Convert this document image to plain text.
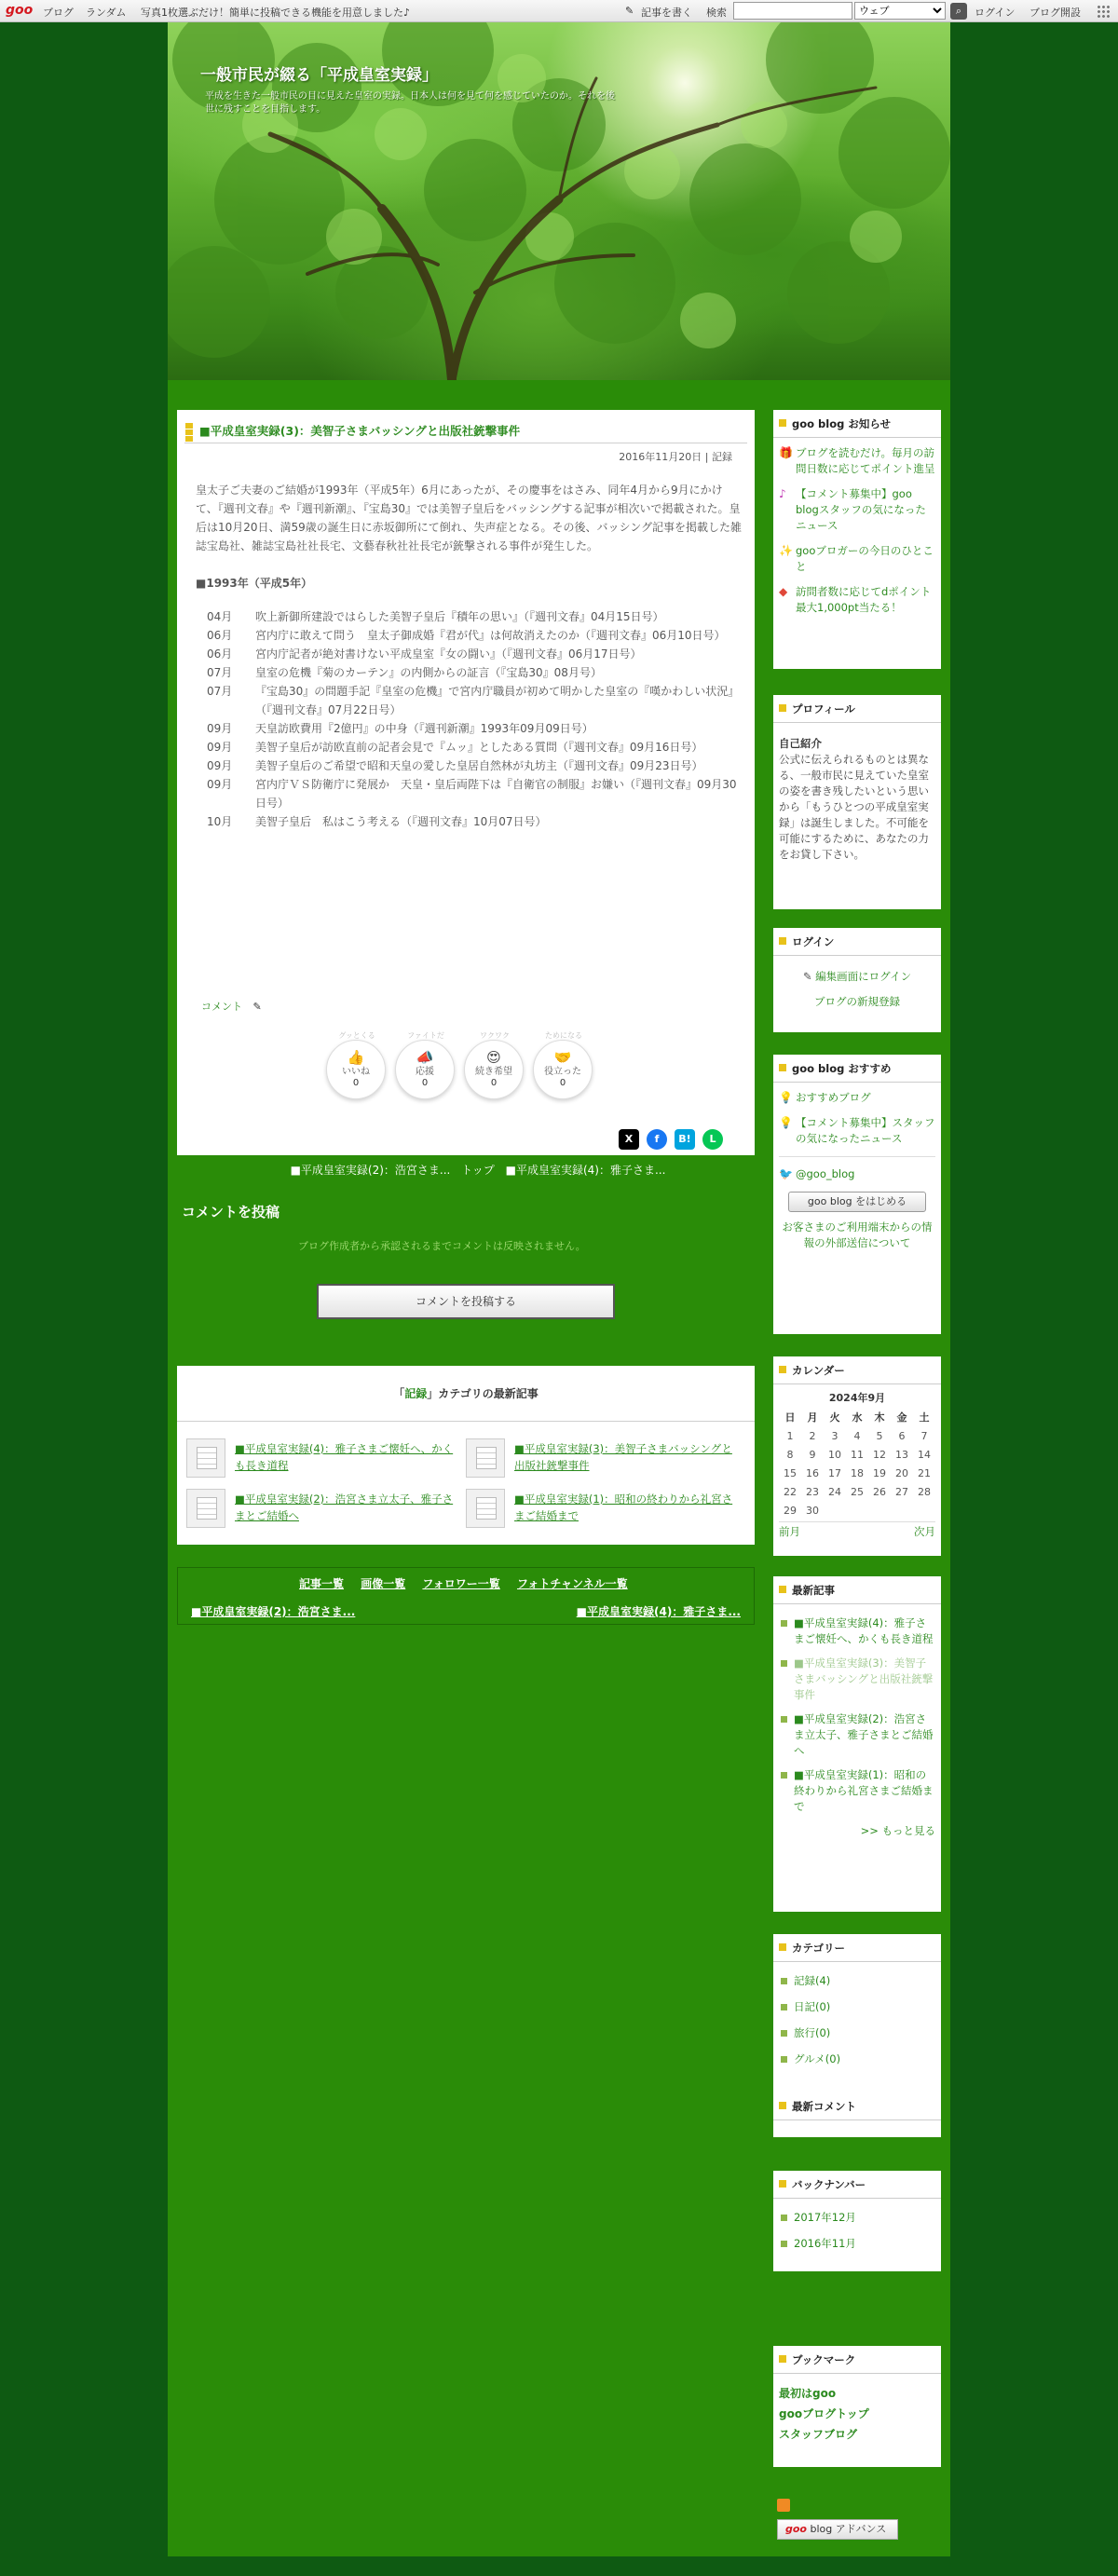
goo ブログ ランダム 写真1枚選ぶだけ！簡単に投稿できる機能を用意しました♪	✎ 記事を書く 検索
ウェブ	⌕	ログイン ブログ開設
一般市民が綴る「平成皇室実録」
平成を生きた一般市民の目に見えた皇室の実録。日本人は何を見て何を感じていたのか。それを後世に残すことを目指します。
■平成皇室実録(3)：美智子さまバッシングと出版社銃撃事件
2016年11月20日 | 記録

皇太子ご夫妻のご結婚が1993年（平成5年）6月にあったが、その慶事をはさみ、同年4月から9月にかけて、『週刊文春』や『週刊新潮』、『宝島30』では美智子皇后をバッシングする記事が相次いで掲載された。皇后は10月20日、満59歳の誕生日に赤坂御所にて倒れ、失声症となる。その後、バッシング記事を掲載した雑誌宝島社、雑誌宝島社社長宅、文藝春秋社社長宅が銃撃される事件が発生した。

■1993年（平成5年）
04月	吹上新御所建設ではらした美智子皇后『積年の思い』（『週刊文春』04月15日号）
06月	宮内庁に敢えて問う　皇太子御成婚『君が代』は何故消えたのか（『週刊文春』06月10日号）
06月	宮内庁記者が絶対書けない平成皇室『女の闘い』（『週刊文春』06月17日号）
07月	皇室の危機『菊のカーテン』の内側からの証言（『宝島30』08月号）
07月	『宝島30』の問題手記『皇室の危機』で宮内庁職員が初めて明かした皇室の『嘆かわしい状況』（『週刊文春』07月22日号）
09月	天皇訪欧費用『2億円』の中身（『週刊新潮』1993年09月09日号）
09月	美智子皇后が訪欧直前の記者会見で『ムッ』としたある質問（『週刊文春』09月16日号）
09月	美智子皇后のご希望で昭和天皇の愛した皇居自然林が丸坊主（『週刊文春』09月23日号）
09月	宮内庁ＶＳ防衛庁に発展か　天皇・皇后両陛下は『自衛官の制服』お嫌い（『週刊文春』09月30日号）
10月	美智子皇后　私はこう考える（『週刊文春』10月07日号）
コメント ✎
グッとくる
👍
いいね
0
ファイトだ
📣
応援
0
ワクワク
😍
続き希望
0
ためになる
🤝
役立った
0
X	f	B!	L
■平成皇室実録(2)：浩宮さま... トップ ■平成皇室実録(4)：雅子さま...
コメントを投稿
ブログ作成者から承認されるまでコメントは反映されません。
コメントを投稿する
「記録」カテゴリの最新記事
■平成皇室実録(4)：雅子さまご懐妊へ、かくも長き道程
■平成皇室実録(3)：美智子さまバッシングと出版社銃撃事件
■平成皇室実録(2)：浩宮さま立太子、雅子さまとご結婚へ
■平成皇室実録(1)：昭和の終わりから礼宮さまご結婚まで
記事一覧 画像一覧 フォロワー一覧 フォトチャンネル一覧
■平成皇室実録(2)：浩宮さま...	■平成皇室実録(4)：雅子さま...
goo blog お知らせ
🎁 ブログを読むだけ。毎月の訪問日数に応じてポイント進呈
♪ 【コメント募集中】goo blogスタッフの気になったニュース
✨ gooブロガーの今日のひとこと
◆ 訪問者数に応じてdポイント最大1,000pt当たる！
プロフィール
自己紹介
公式に伝えられるものとは異なる、一般市民に見えていた皇室の姿を書き残したいという思いから「もうひとつの平成皇室実録」は誕生しました。不可能を可能にするために、あなたの力をお貸し下さい。
ログイン
✎ 編集画面にログイン
ブログの新規登録
goo blog おすすめ
💡 おすすめブログ
💡 【コメント募集中】スタッフの気になったニュース
🐦 @goo_blog
goo blog をはじめる
お客さまのご利用端末からの情報の外部送信について
カレンダー
2024年9月
日	月	火	水	木	金	土
1	2	3	4	5	6	7
8	9	10	11	12	13	14
15	16	17	18	19	20	21
22	23	24	25	26	27	28
29	30					
前月	次月
最新記事
■平成皇室実録(4)：雅子さまご懐妊へ、かくも長き道程
■平成皇室実録(3)：美智子さまバッシングと出版社銃撃事件
■平成皇室実録(2)：浩宮さま立太子、雅子さまとご結婚へ
■平成皇室実録(1)：昭和の終わりから礼宮さまご結婚まで
>> もっと見る
カテゴリー
記録(4)
日記(0)
旅行(0)
グルメ(0)
最新コメント
バックナンバー
2017年12月
2016年11月
ブックマーク
最初はgoo
gooブログトップ
スタッフブログ
goo blog アドバンス
